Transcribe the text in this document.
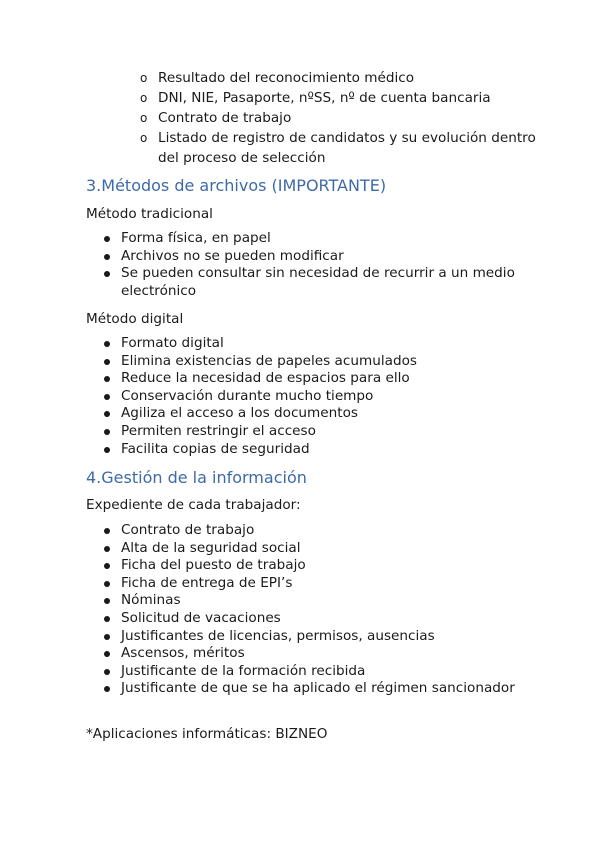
o Resultado del reconocimiento médico
o DNI, NIE, Pasaporte, nºSS, nº de cuenta bancaria
o Contrato de trabajo
o Listado de registro de candidatos y su evolución dentro del proceso de selección
3.Métodos de archivos (IMPORTANTE)

Método tradicional

Forma física, en papel
Archivos no se pueden modificar
Se pueden consultar sin necesidad de recurrir a un medio electrónico

Método digital

Formato digital
Elimina existencias de papeles acumulados
Reduce la necesidad de espacios para ello
Conservación durante mucho tiempo
Agiliza el acceso a los documentos
Permiten restringir el acceso
Facilita copias de seguridad
4.Gestión de la información

Expediente de cada trabajador:

Contrato de trabajo
Alta de la seguridad social
Ficha del puesto de trabajo
Ficha de entrega de EPI’s
Nóminas
Solicitud de vacaciones
Justificantes de licencias, permisos, ausencias
Ascensos, méritos
Justificante de la formación recibida
Justificante de que se ha aplicado el régimen sancionador

*Aplicaciones informáticas: BIZNEO
